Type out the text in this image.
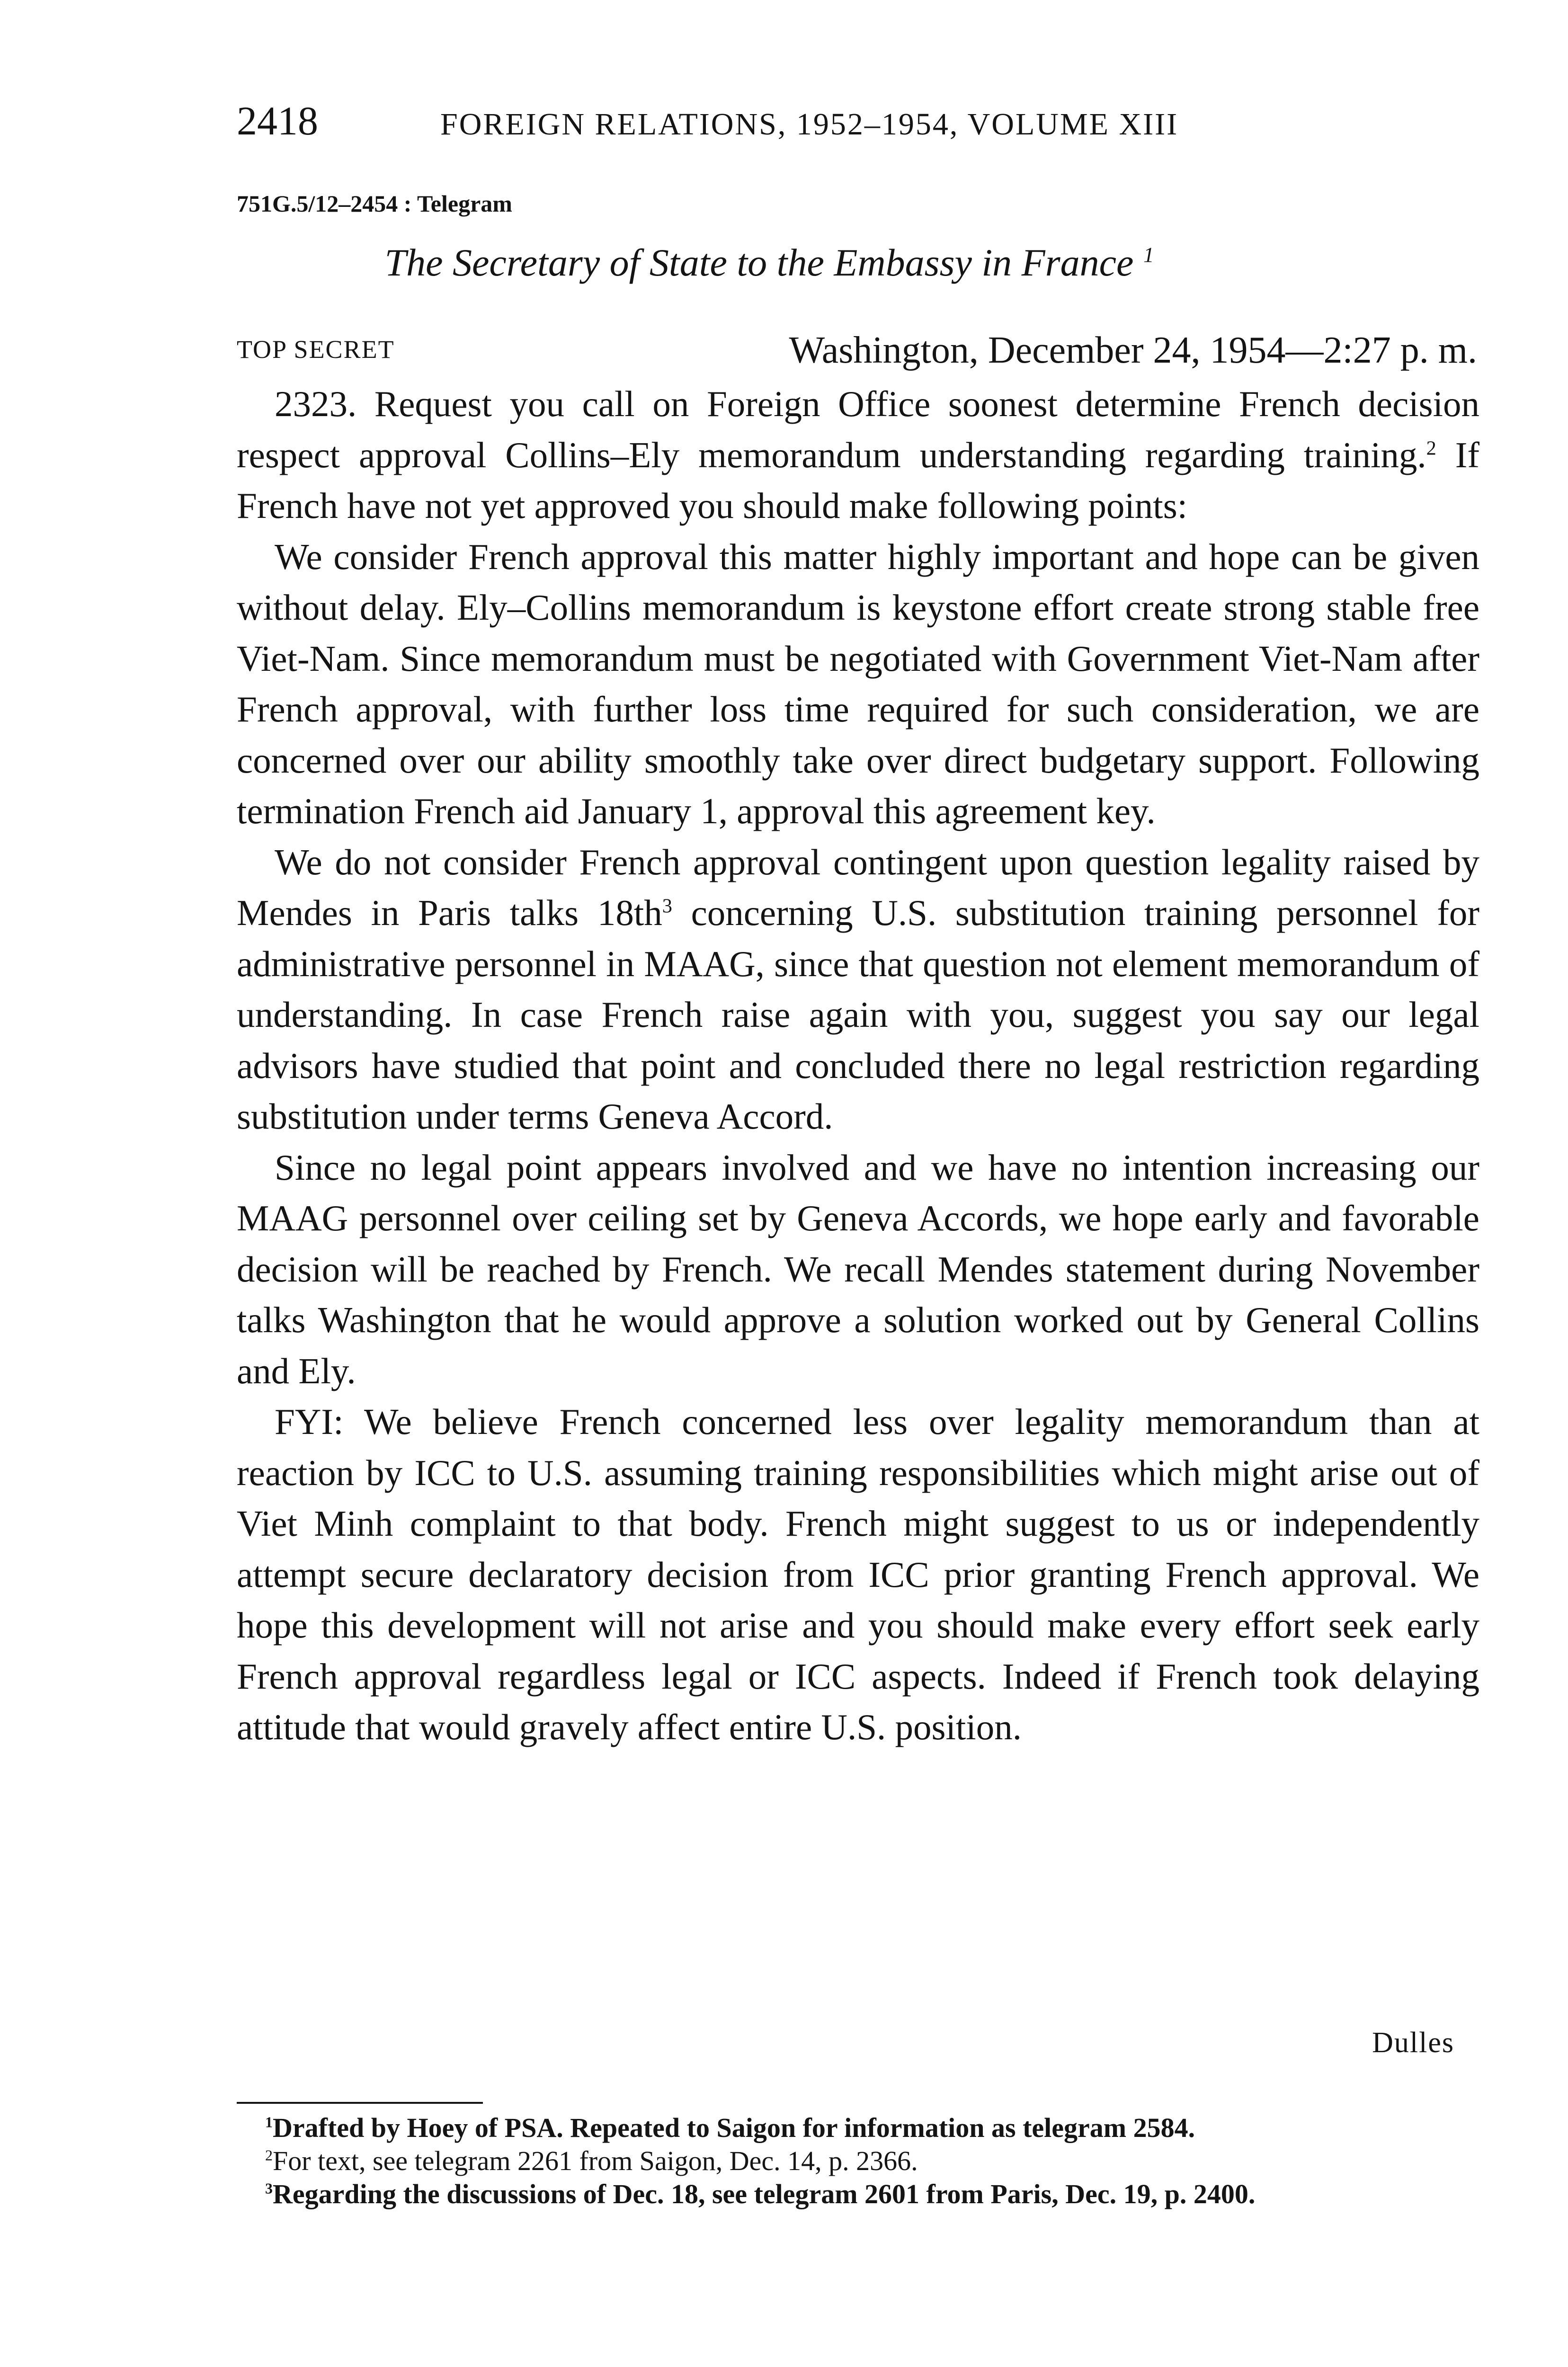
2418	FOREIGN RELATIONS, 1952–1954, VOLUME XIII
751G.5/12–2454 : Telegram
The Secretary of State to the Embassy in France $^1$
TOP SECRET	Washington, December 24, 1954—2:27 p. m.

2323. Request you call on Foreign Office soonest determine French decision respect approval Collins–Ely memorandum understanding regarding training.$^2$ If French have not yet approved you should make following points:

We consider French approval this matter highly important and hope can be given without delay. Ely–Collins memorandum is keystone effort create strong stable free Viet-Nam. Since memorandum must be negotiated with Government Viet-Nam after French approval, with further loss time required for such consideration, we are concerned over our ability smoothly take over direct budgetary support. Following termination French aid January 1, approval this agreement key.

We do not consider French approval contingent upon question legality raised by Mendes in Paris talks $18th^3$ concerning U.S. substitution training personnel for administrative personnel in MAAG, since that question not element memorandum of understanding. In case French raise again with you, suggest you say our legal advisors have studied that point and concluded there no legal restriction regarding substitution under terms Geneva Accord.

Since no legal point appears involved and we have no intention increasing our MAAG personnel over ceiling set by Geneva Accords, we hope early and favorable decision will be reached by French. We recall Mendes statement during November talks Washington that he would approve a solution worked out by General Collins and Ely.

FYI: We believe French concerned less over legality memorandum than at reaction by ICC to U.S. assuming training responsibilities which might arise out of Viet Minh complaint to that body. French might suggest to us or independently attempt secure declaratory decision from ICC prior granting French approval. We hope this development will not arise and you should make every effort seek early French approval regardless legal or ICC aspects. Indeed if French took delaying attitude that would gravely affect entire U.S. position.

Dulles

$^1$Drafted by Hoey of PSA. Repeated to Saigon for information as telegram 2584.

$^2$For text, see telegram 2261 from Saigon, Dec. 14, p. 2366.

$^3$Regarding the discussions of Dec. 18, see telegram 2601 from Paris, Dec. 19, p. 2400.
